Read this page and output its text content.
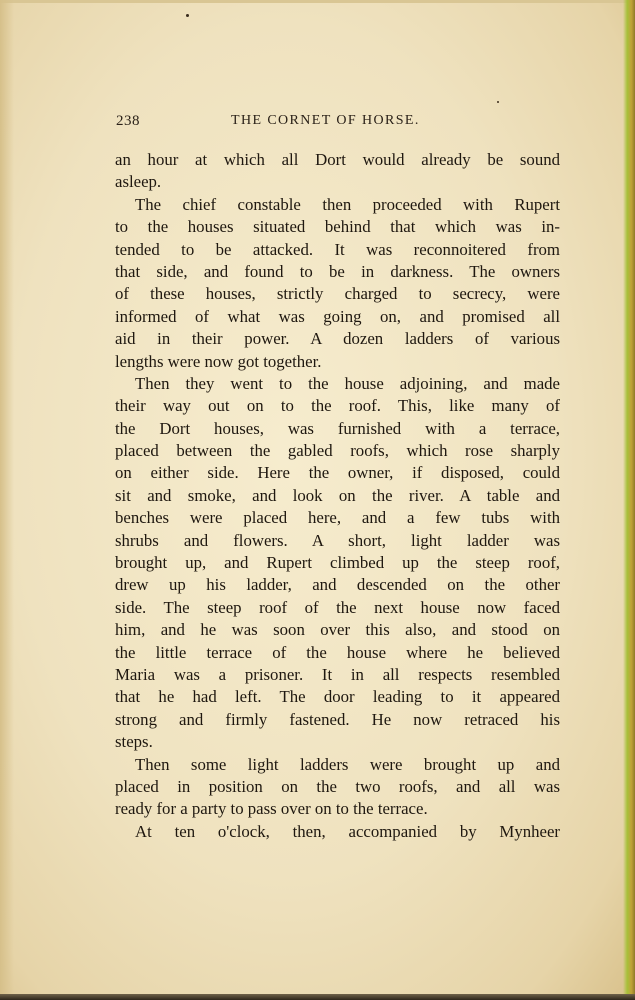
238	THE CORNET OF HORSE.
an hour at which all Dort would already be sound
asleep.
The chief constable then proceeded with Rupert
to the houses situated behind that which was in-
tended to be attacked. It was reconnoitered from
that side, and found to be in darkness. The owners
of these houses, strictly charged to secrecy, were
informed of what was going on, and promised all
aid in their power. A dozen ladders of various
lengths were now got together.
Then they went to the house adjoining, and made
their way out on to the roof. This, like many of
the Dort houses, was furnished with a terrace,
placed between the gabled roofs, which rose sharply
on either side. Here the owner, if disposed, could
sit and smoke, and look on the river. A table and
benches were placed here, and a few tubs with
shrubs and flowers. A short, light ladder was
brought up, and Rupert climbed up the steep roof,
drew up his ladder, and descended on the other
side. The steep roof of the next house now faced
him, and he was soon over this also, and stood on
the little terrace of the house where he believed
Maria was a prisoner. It in all respects resembled
that he had left. The door leading to it appeared
strong and firmly fastened. He now retraced his
steps.
Then some light ladders were brought up and
placed in position on the two roofs, and all was
ready for a party to pass over on to the terrace.
At ten o'clock, then, accompanied by Mynheer
